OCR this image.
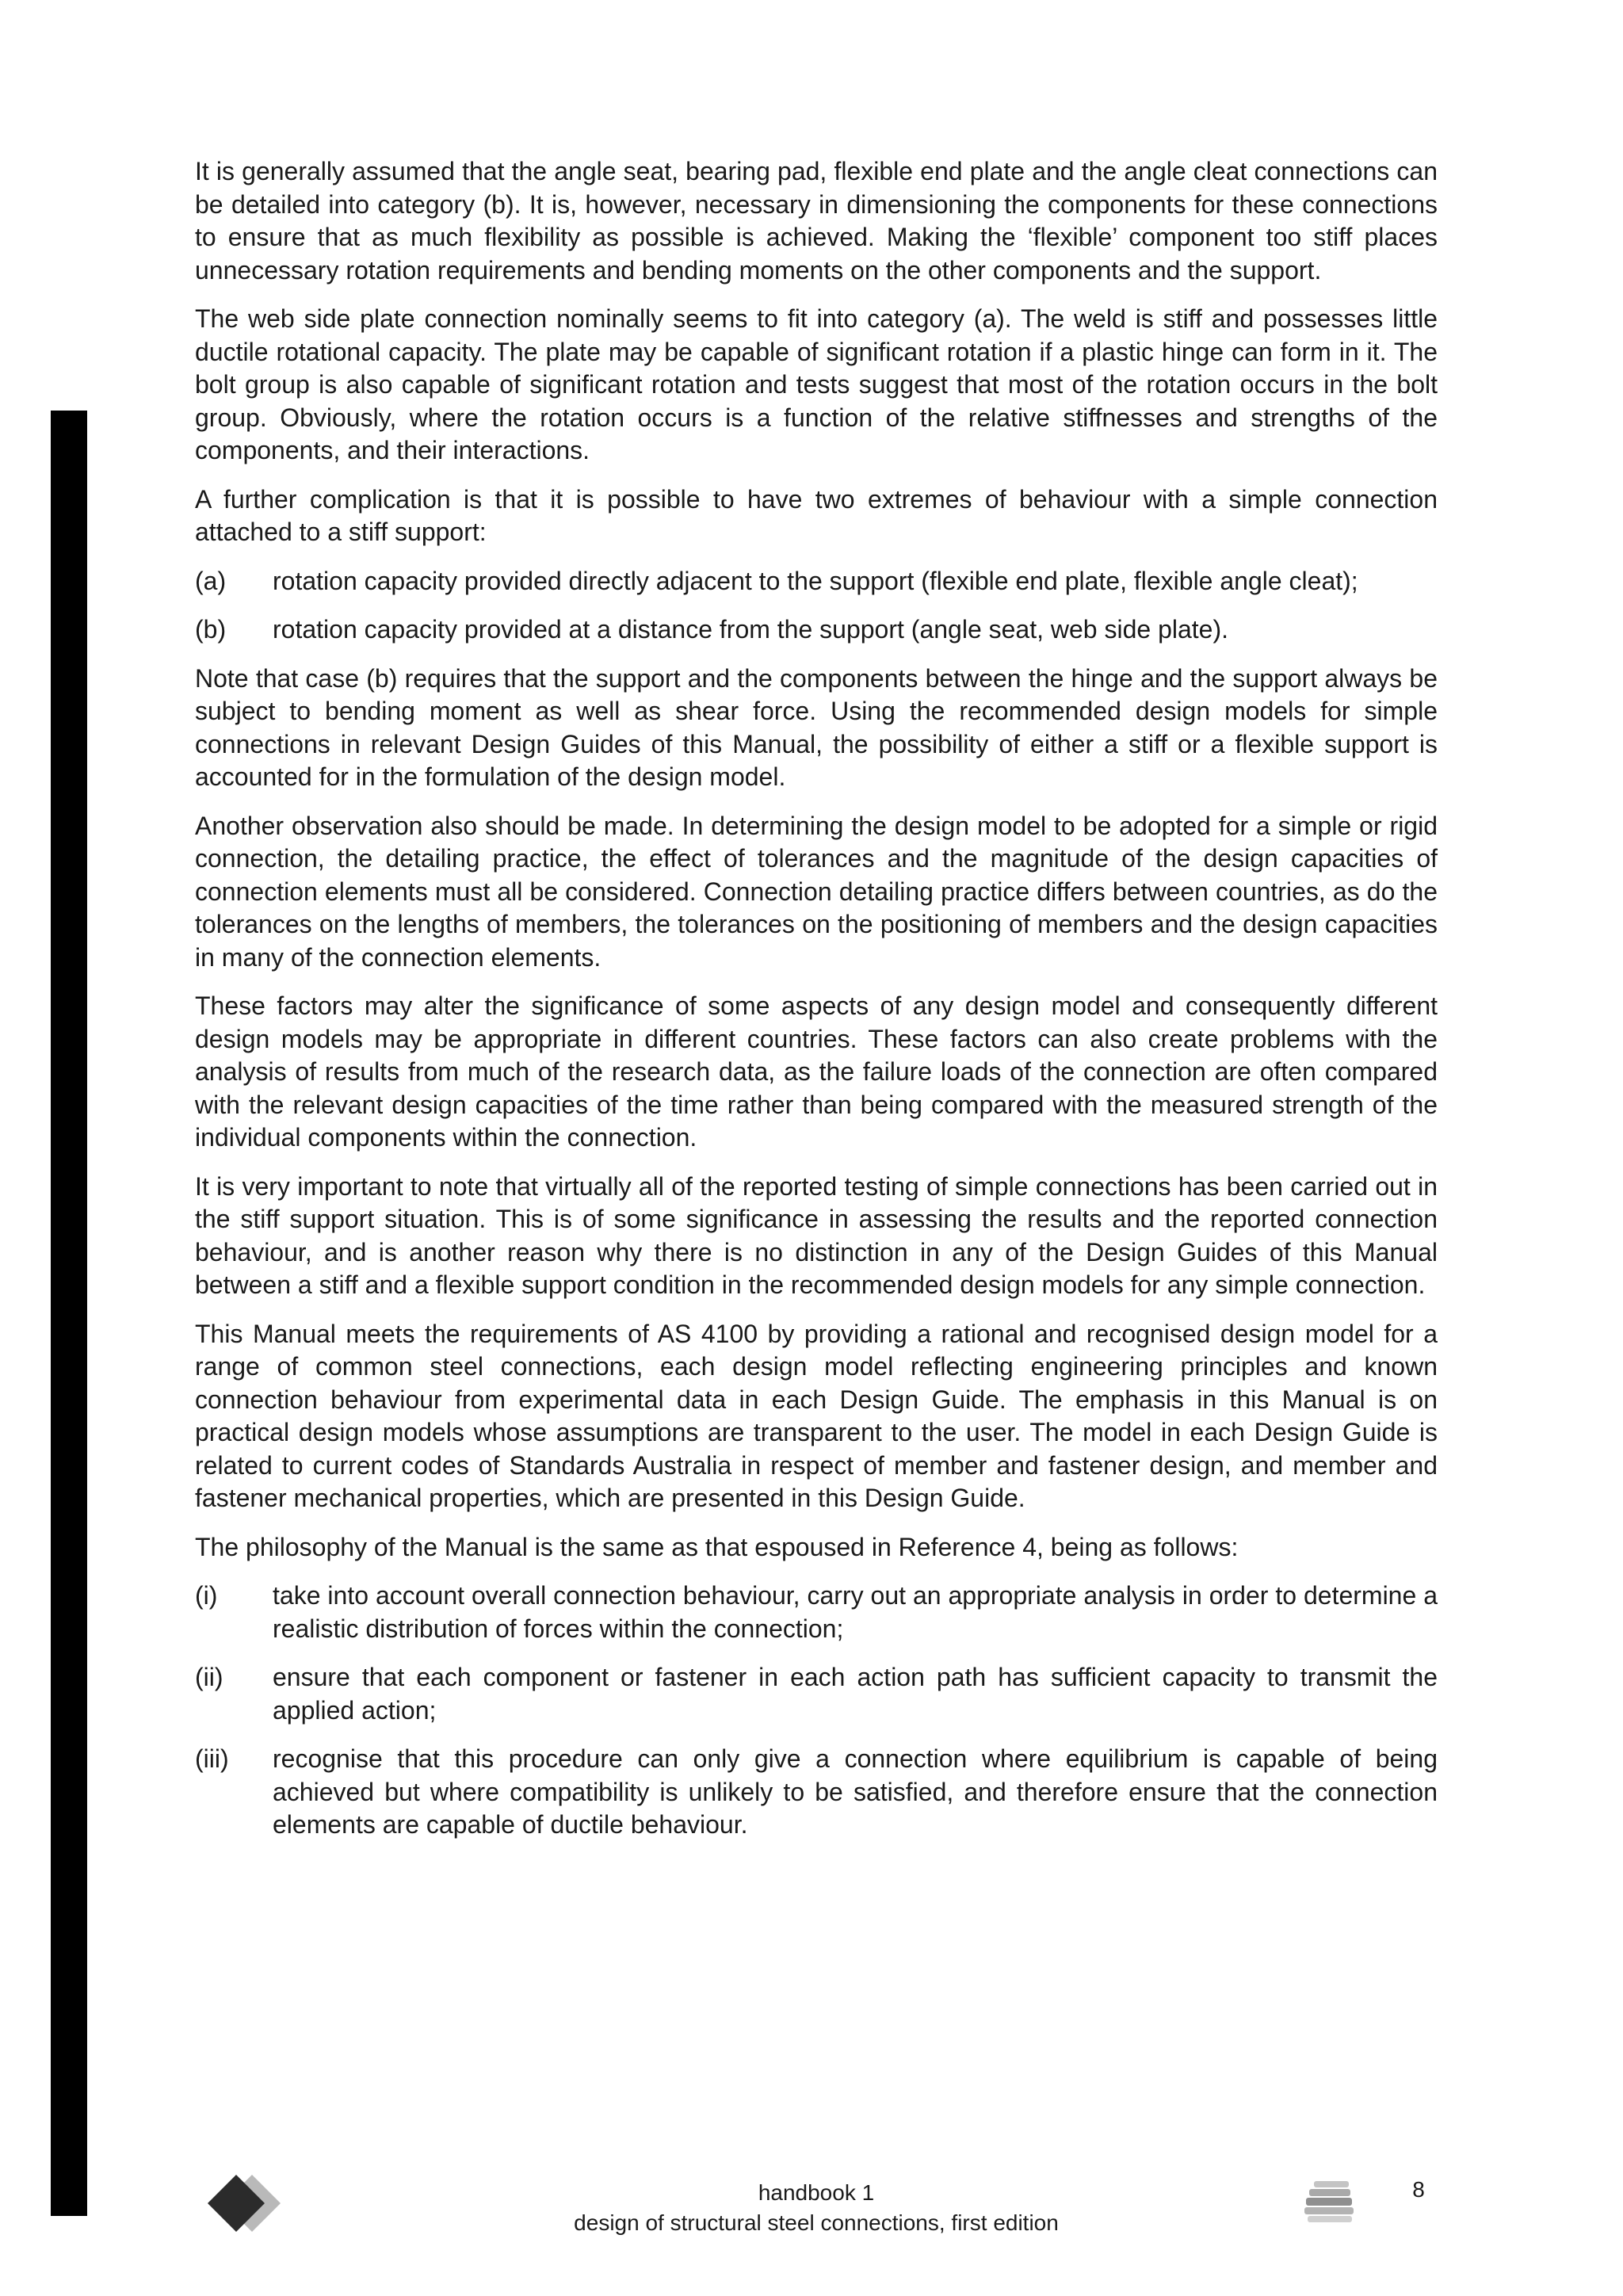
It is generally assumed that the angle seat, bearing pad, flexible end plate and the angle cleat connections can be detailed into category (b). It is, however, necessary in dimensioning the components for these connections to ensure that as much flexibility as possible is achieved. Making the ‘flexible’ component too stiff places unnecessary rotation requirements and bending moments on the other components and the support.

The web side plate connection nominally seems to fit into category (a). The weld is stiff and possesses little ductile rotational capacity. The plate may be capable of significant rotation if a plastic hinge can form in it. The bolt group is also capable of significant rotation and tests suggest that most of the rotation occurs in the bolt group. Obviously, where the rotation occurs is a function of the relative stiffnesses and strengths of the components, and their interactions.

A further complication is that it is possible to have two extremes of behaviour with a simple connection attached to a stiff support:

(a)	rotation capacity provided directly adjacent to the support (flexible end plate, flexible angle cleat);
(b)	rotation capacity provided at a distance from the support (angle seat, web side plate).

Note that case (b) requires that the support and the components between the hinge and the support always be subject to bending moment as well as shear force. Using the recommended design models for simple connections in relevant Design Guides of this Manual, the possibility of either a stiff or a flexible support is accounted for in the formulation of the design model.

Another observation also should be made. In determining the design model to be adopted for a simple or rigid connection, the detailing practice, the effect of tolerances and the magnitude of the design capacities of connection elements must all be considered. Connection detailing practice differs between countries, as do the tolerances on the lengths of members, the tolerances on the positioning of members and the design capacities in many of the connection elements.

These factors may alter the significance of some aspects of any design model and consequently different design models may be appropriate in different countries. These factors can also create problems with the analysis of results from much of the research data, as the failure loads of the connection are often compared with the relevant design capacities of the time rather than being compared with the measured strength of the individual components within the connection.

It is very important to note that virtually all of the reported testing of simple connections has been carried out in the stiff support situation. This is of some significance in assessing the results and the reported connection behaviour, and is another reason why there is no distinction in any of the Design Guides of this Manual between a stiff and a flexible support condition in the recommended design models for any simple connection.

This Manual meets the requirements of AS 4100 by providing a rational and recognised design model for a range of common steel connections, each design model reflecting engineering principles and known connection behaviour from experimental data in each Design Guide. The emphasis in this Manual is on practical design models whose assumptions are transparent to the user. The model in each Design Guide is related to current codes of Standards Australia in respect of member and fastener design, and member and fastener mechanical properties, which are presented in this Design Guide.

The philosophy of the Manual is the same as that espoused in Reference 4, being as follows:

(i)	take into account overall connection behaviour, carry out an appropriate analysis in order to determine a realistic distribution of forces within the connection;
(ii)	ensure that each component or fastener in each action path has sufficient capacity to transmit the applied action;
(iii)	recognise that this procedure can only give a connection where equilibrium is capable of being achieved but where compatibility is unlikely to be satisfied, and therefore ensure that the connection elements are capable of ductile behaviour.
handbook 1
design of structural steel connections, first edition
8
